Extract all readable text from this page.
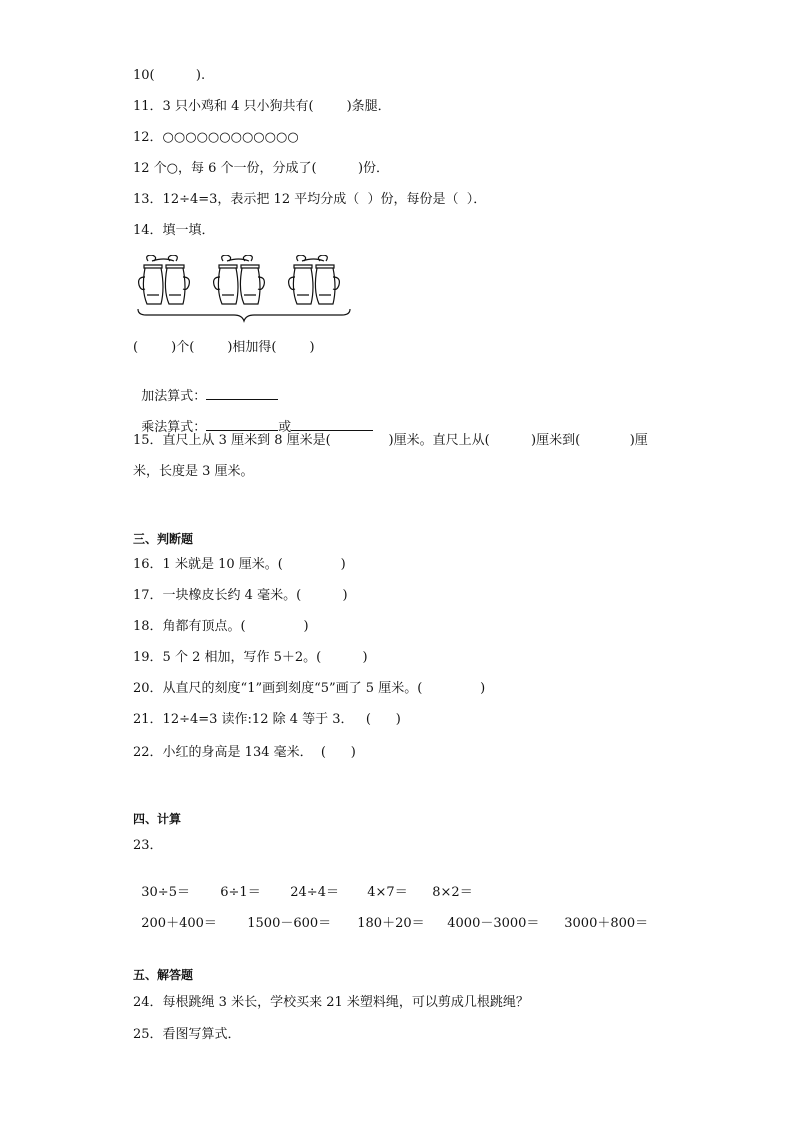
10(          ).
11．3 只小鸡和 4 只小狗共有(        )条腿．
12．○○○○○○○○○○○○
12 个○，每 6 个一份，分成了(          )份．
13．12÷4=3，表示把 12 平均分成（  ）份，每份是（  ）．
14．填一填．
(        )个(        )相加得(        )

加法算式：

乘法算式：	或

15．直尺上从 3 厘米到 8 厘米是(              )厘米。直尺上从(          )厘米到(            )厘
米，长度是 3 厘米。
三、判断题
16．1 米就是 10 厘米。(              )
17．一块橡皮长约 4 毫米。(          )
18．角都有顶点。(              )
19．5 个 2 相加，写作 5＋2。(          )
20．从直尺的刻度“1”画到刻度“5”画了 5 厘米。(              )
21．12÷4=3 读作:12 除 4 等于 3．   (      )
22．小红的身高是 134 毫米．  (      )
四、计算
23．

30÷5＝ 6÷1＝ 24÷4＝ 4×7＝ 8×2＝

200＋400＝ 1500－600＝ 180＋20＝ 4000－3000＝ 3000＋800＝

五、解答题
24．每根跳绳 3 米长，学校买来 21 米塑料绳，可以剪成几根跳绳？
25．看图写算式．
